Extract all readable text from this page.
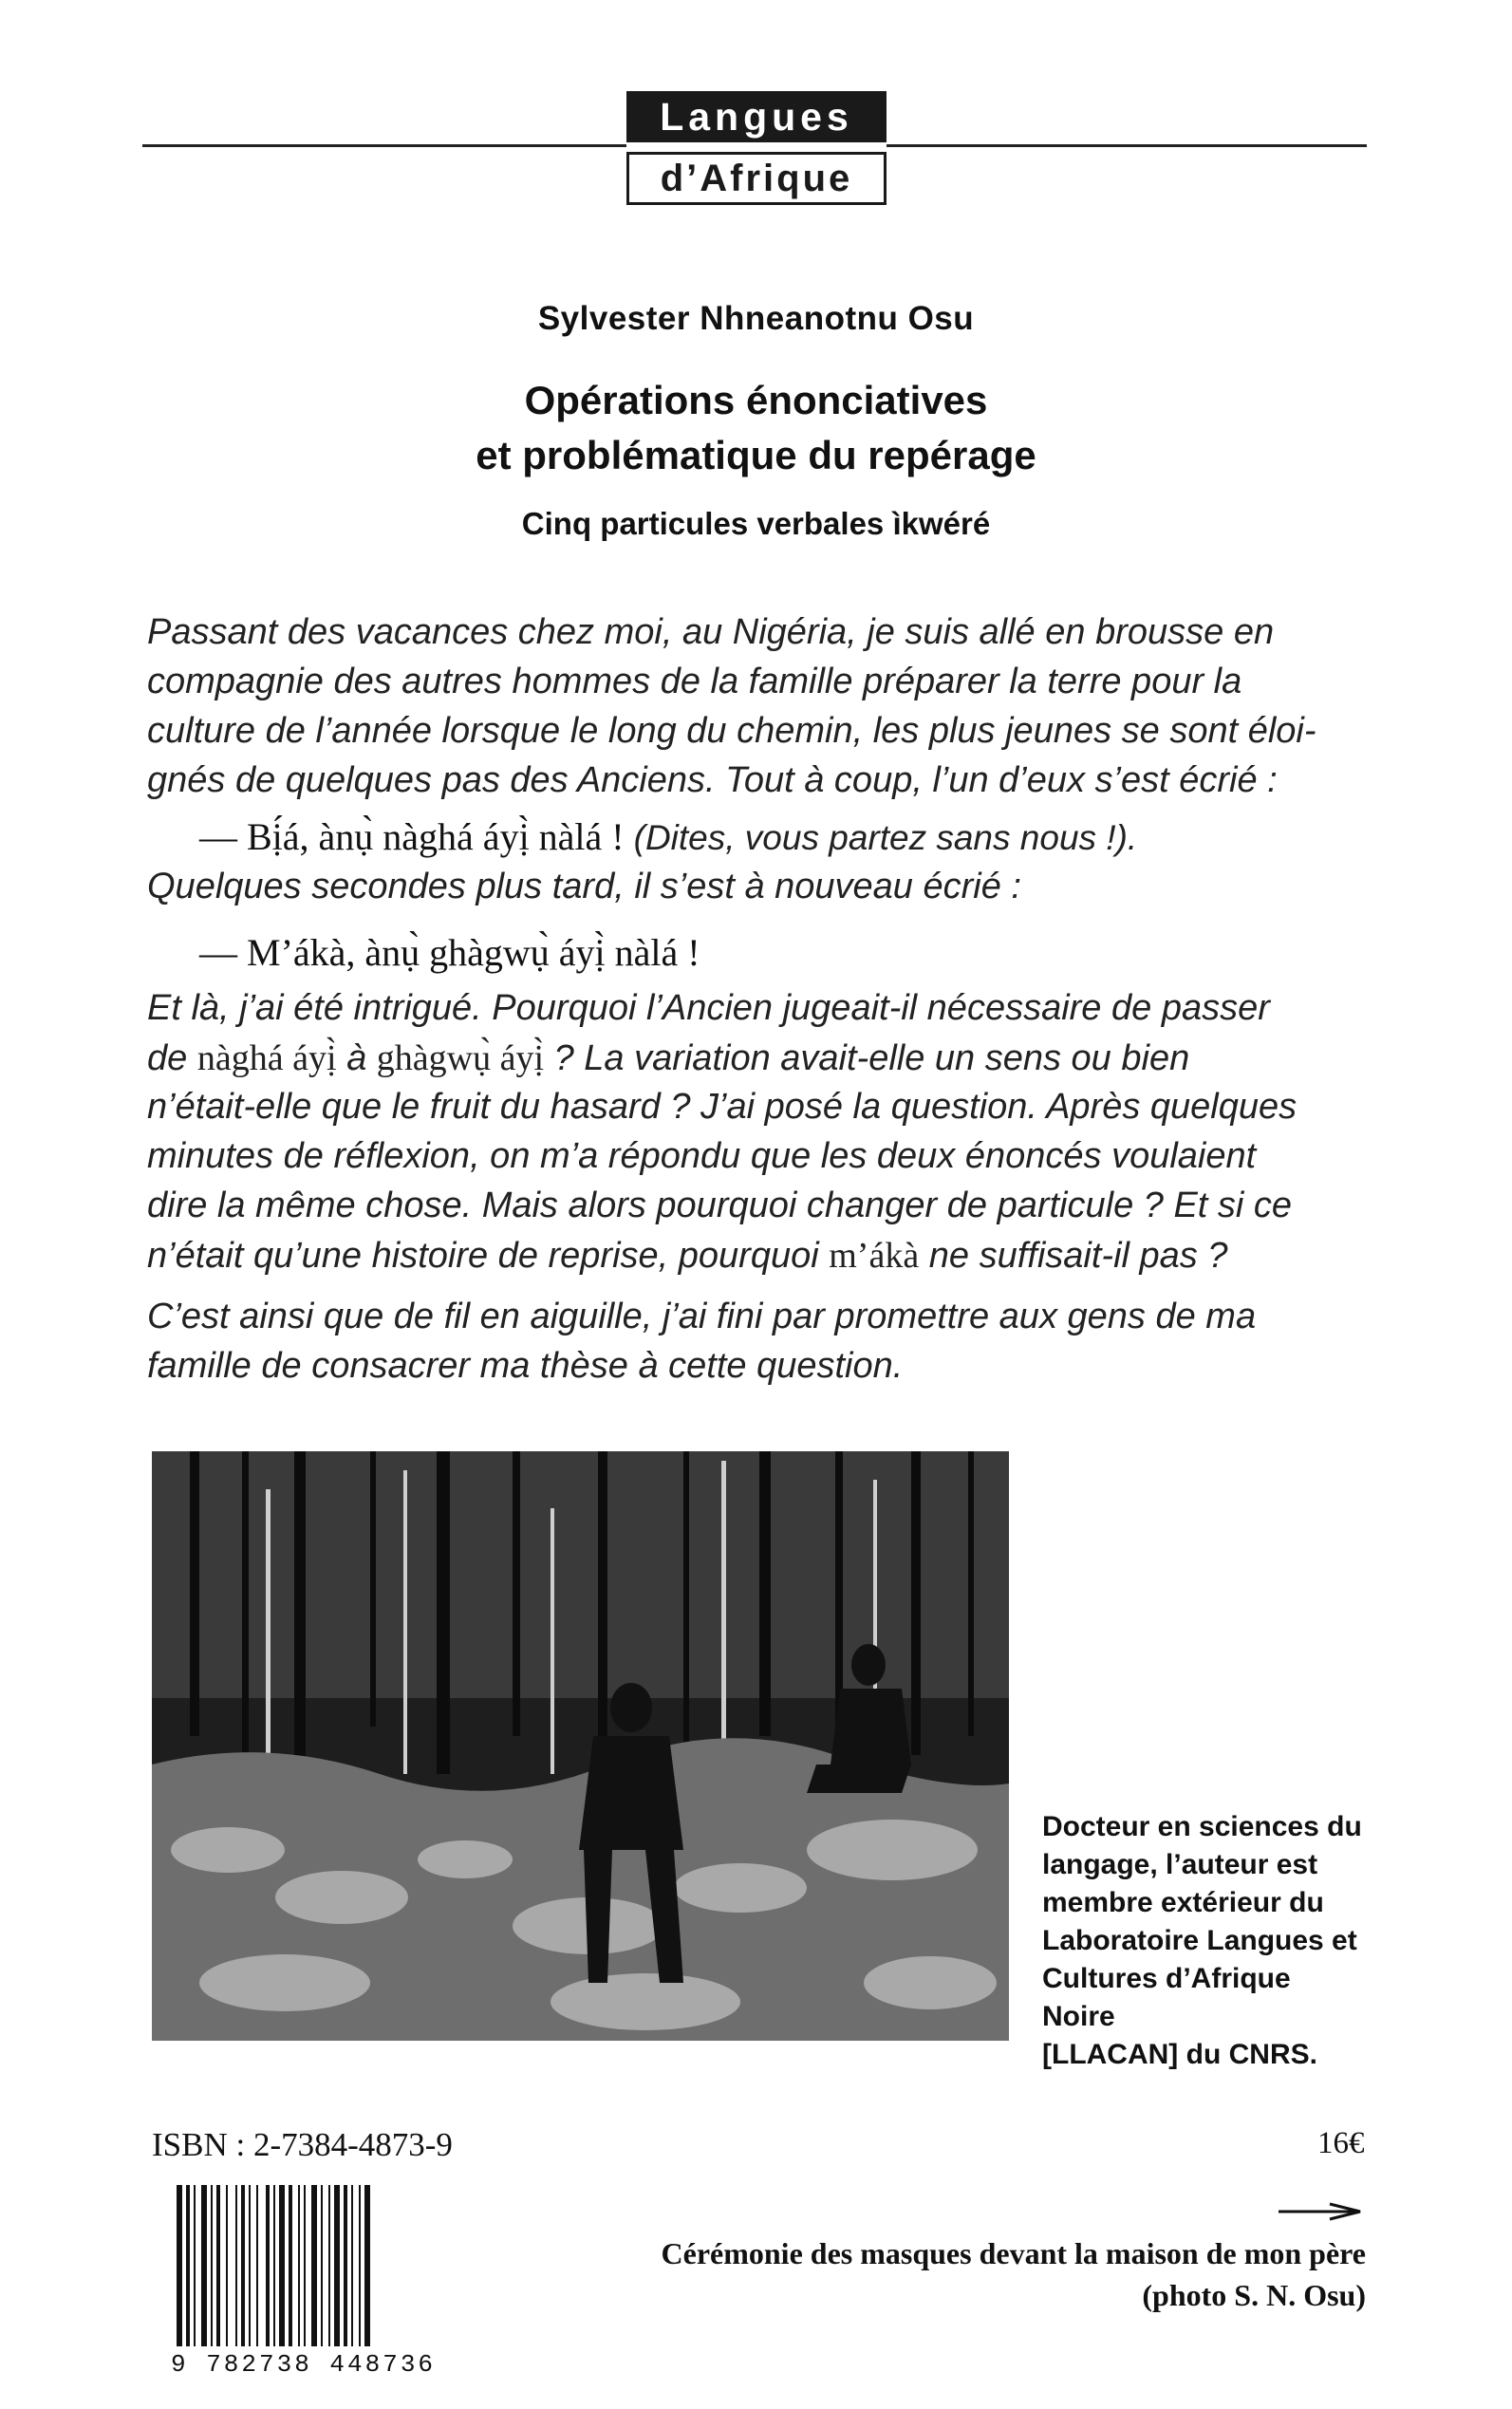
Langues
d’Afrique
Sylvester Nhneanotnu Osu
Opérations énonciatives
et problématique du repérage
Cinq particules verbales ìkwéré
Passant des vacances chez moi, au Nigéria, je suis allé en brousse en
compagnie des autres hommes de la famille préparer la terre pour la
culture de l’année lorsque le long du chemin, les plus jeunes se sont éloi-
gnés de quelques pas des Anciens. Tout à coup, l’un d’eux s’est écrié :
— Bị́á, ànụ̀ nàghá áyị̀ nàlá ! (Dites, vous partez sans nous !).
Quelques secondes plus tard, il s’est à nouveau écrié :
— M’ákà, ànụ̀ ghàgwụ̀ áyị̀ nàlá !
Et là, j’ai été intrigué. Pourquoi l’Ancien jugeait-il nécessaire de passer
de nàghá áyị̀ à ghàgwụ̀ áyị̀ ? La variation avait-elle un sens ou bien
n’était-elle que le fruit du hasard ? J’ai posé la question. Après quelques
minutes de réflexion, on m’a répondu que les deux énoncés voulaient
dire la même chose. Mais alors pourquoi changer de particule ? Et si ce
n’était qu’une histoire de reprise, pourquoi m’ákà ne suffisait-il pas ?
C’est ainsi que de fil en aiguille, j’ai fini par promettre aux gens de ma
famille de consacrer ma thèse à cette question.
Docteur en sciences du
langage, l’auteur est
membre extérieur du
Laboratoire Langues et
Cultures d’Afrique Noire
[LLACAN] du CNRS.
ISBN : 2-7384-4873-9	16€
9 782738 448736
Cérémonie des masques devant la maison de mon père
(photo S. N. Osu)
